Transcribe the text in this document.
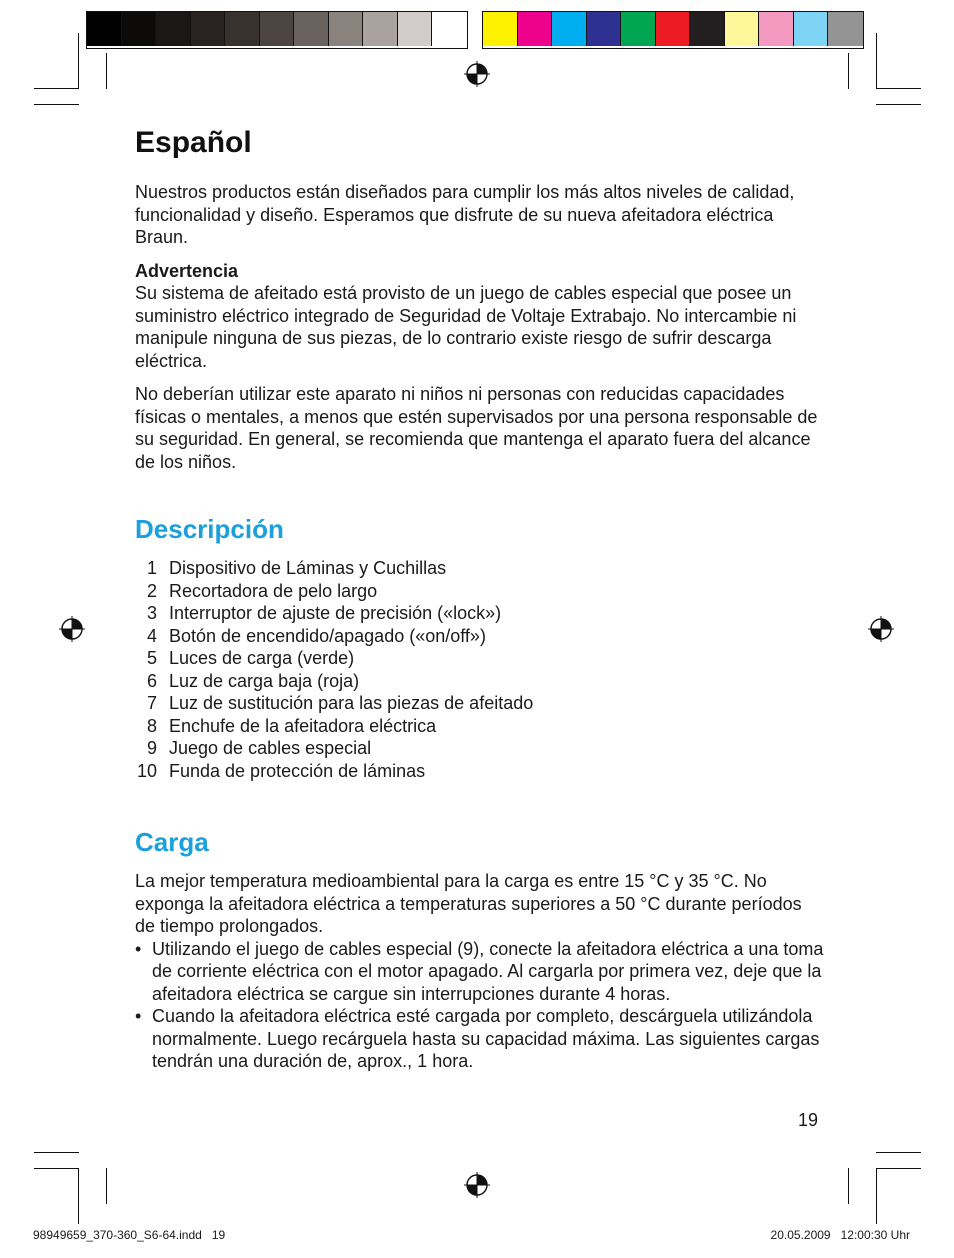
Español

Nuestros productos están diseñados para cumplir los más altos niveles de calidad, funcionalidad y diseño. Esperamos que disfrute de su nueva afeitadora eléctrica Braun.

Advertencia
Su sistema de afeitado está provisto de un juego de cables especial que posee un suministro eléctrico integrado de Seguridad de Voltaje Extrabajo. No intercambie ni manipule ninguna de sus piezas, de lo contrario existe riesgo de sufrir descarga eléctrica.

No deberían utilizar este aparato ni niños ni personas con reducidas capacidades físicas o mentales, a menos que estén supervisados por una persona responsable de su seguridad. En general, se recomienda que mantenga el aparato fuera del alcance de los niños.

Descripción
1 Dispositivo de Láminas y Cuchillas
2 Recortadora de pelo largo
3 Interruptor de ajuste de precisión («lock»)
4 Botón de encendido/apagado («on/off»)
5 Luces de carga (verde)
6 Luz de carga baja (roja)
7 Luz de sustitución para las piezas de afeitado
8 Enchufe de la afeitadora eléctrica
9 Juego de cables especial
10 Funda de protección de láminas
Carga

La mejor temperatura medioambiental para la carga es entre 15 °C y 35 °C. No exponga la afeitadora eléctrica a temperaturas superiores a 50 °C durante períodos de tiempo prolongados.

• Utilizando el juego de cables especial (9), conecte la afeitadora eléctrica a una toma de corriente eléctrica con el motor apagado. Al cargarla por primera vez, deje que la afeitadora eléctrica se cargue sin interrupciones durante 4 horas.
• Cuando la afeitadora eléctrica esté cargada por completo, descárguela utilizándola normalmente. Luego recárguela hasta su capacidad máxima. Las siguientes cargas tendrán una duración de, aprox., 1 hora.
19
98949659_370-360_S6-64.indd   19	20.05.2009   12:00:30 Uhr
